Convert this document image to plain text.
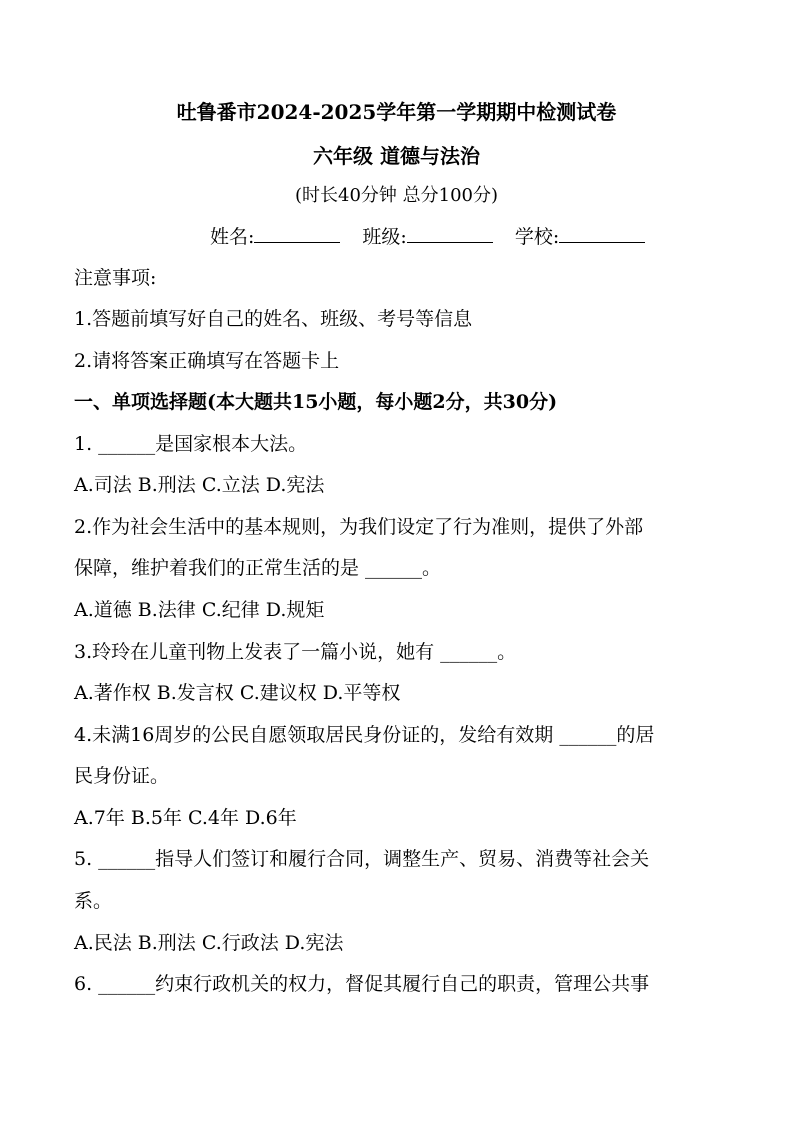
吐鲁番市2024-2025学年第一学期期中检测试卷
六年级 道德与法治
(时长40分钟 总分100分)
姓名:	班级:	学校:
注意事项:
1.答题前填写好自己的姓名、班级、考号等信息
2.请将答案正确填写在答题卡上
一、单项选择题(本大题共15小题，每小题2分，共30分)
1. ______是国家根本大法。
A.司法 B.刑法 C.立法 D.宪法
2.作为社会生活中的基本规则，为我们设定了行为准则，提供了外部
保障，维护着我们的正常生活的是 ______。
A.道德 B.法律 C.纪律 D.规矩
3.玲玲在儿童刊物上发表了一篇小说，她有 ______。
A.著作权 B.发言权 C.建议权 D.平等权
4.未满16周岁的公民自愿领取居民身份证的，发给有效期 ______的居
民身份证。
A.7年 B.5年 C.4年 D.6年
5. ______指导人们签订和履行合同，调整生产、贸易、消费等社会关
系。
A.民法 B.刑法 C.行政法 D.宪法
6. ______约束行政机关的权力，督促其履行自己的职责，管理公共事
